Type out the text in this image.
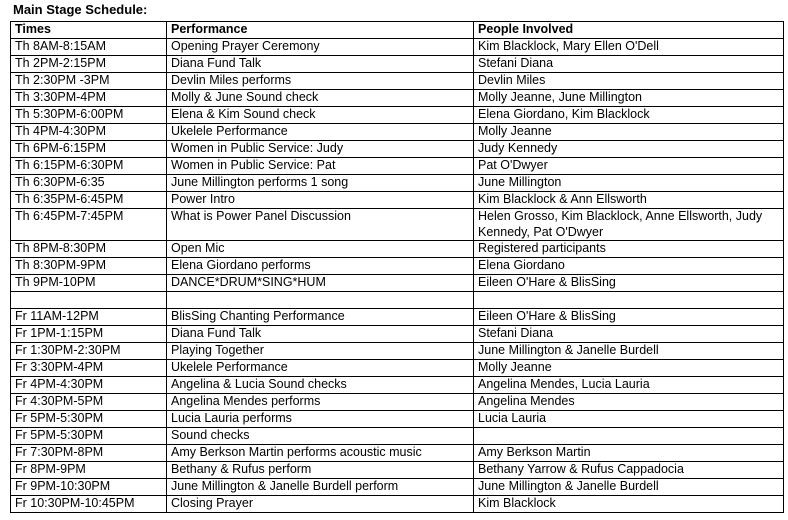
Main Stage Schedule:
Times	Performance	People Involved
Th 8AM-8:15AM	Opening Prayer Ceremony	Kim Blacklock, Mary Ellen O'Dell
Th 2PM-2:15PM	Diana Fund Talk	Stefani Diana
Th 2:30PM -3PM	Devlin Miles performs	Devlin Miles
Th 3:30PM-4PM	Molly & June Sound check	Molly Jeanne, June Millington
Th 5:30PM-6:00PM	Elena & Kim Sound check	Elena Giordano, Kim Blacklock
Th 4PM-4:30PM	Ukelele Performance	Molly Jeanne
Th 6PM-6:15PM	Women in Public Service: Judy	Judy Kennedy
Th 6:15PM-6:30PM	Women in Public Service: Pat	Pat O'Dwyer
Th 6:30PM-6:35	June Millington performs 1 song	June Millington
Th 6:35PM-6:45PM	Power Intro	Kim Blacklock & Ann Ellsworth
Th 6:45PM-7:45PM	What is Power Panel Discussion	Helen Grosso, Kim Blacklock, Anne Ellsworth, Judy Kennedy, Pat O'Dwyer
Th 8PM-8:30PM	Open Mic	Registered participants
Th 8:30PM-9PM	Elena Giordano performs	Elena Giordano
Th 9PM-10PM	DANCE*DRUM*SING*HUM	Eileen O'Hare & BlisSing

Fr 11AM-12PM	BlisSing Chanting Performance	Eileen O'Hare & BlisSing
Fr 1PM-1:15PM	Diana Fund Talk	Stefani Diana
Fr 1:30PM-2:30PM	Playing Together	June Millington & Janelle Burdell
Fr 3:30PM-4PM	Ukelele Performance	Molly Jeanne
Fr 4PM-4:30PM	Angelina & Lucia Sound checks	Angelina Mendes, Lucia Lauria
Fr 4:30PM-5PM	Angelina Mendes performs	Angelina Mendes
Fr 5PM-5:30PM	Lucia Lauria performs	Lucia Lauria
Fr 5PM-5:30PM	Sound checks	
Fr 7:30PM-8PM	Amy Berkson Martin performs acoustic music	Amy Berkson Martin
Fr 8PM-9PM	Bethany & Rufus perform	Bethany Yarrow & Rufus Cappadocia
Fr 9PM-10:30PM	June Millington & Janelle Burdell perform	June Millington & Janelle Burdell
Fr 10:30PM-10:45PM	Closing Prayer	Kim Blacklock
